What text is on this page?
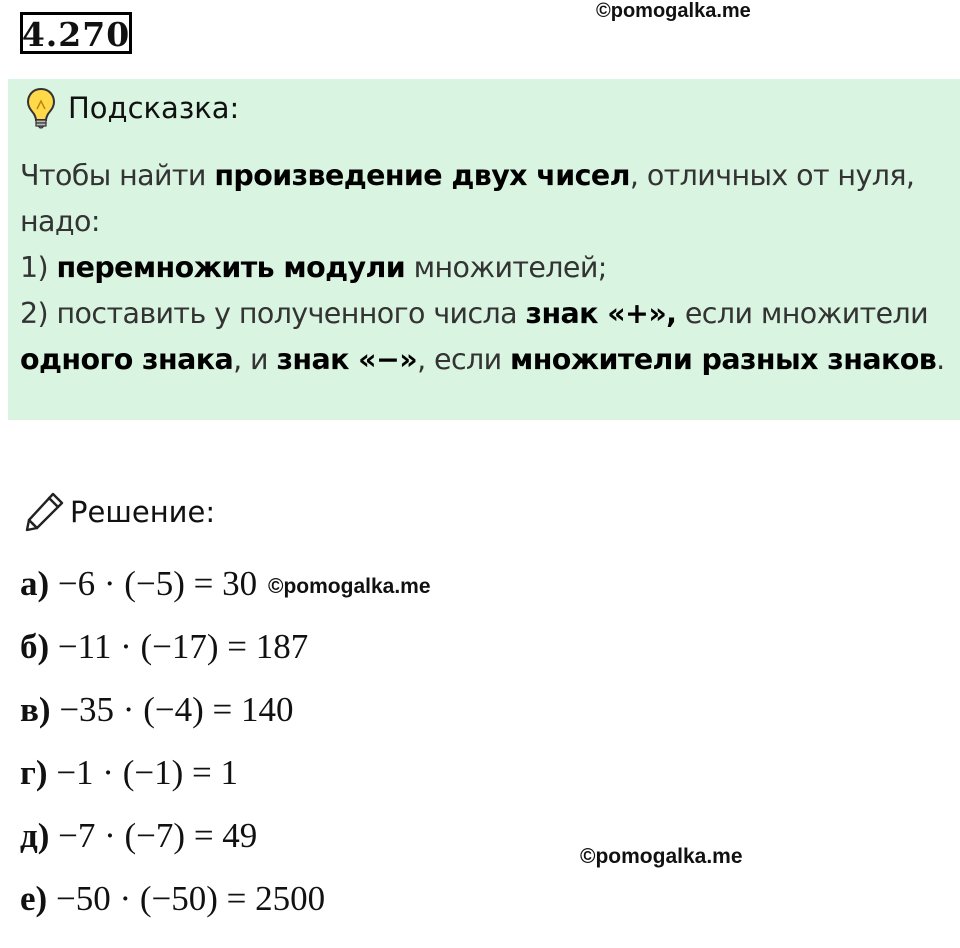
4.270
©pomogalka.me
Подсказка:
Чтобы найти произведение двух чисел, отличных от нуля,
надо:
1) перемножить модули множителей;
2) поставить у полученного числа знак «+», если множители
одного знака, и знак «−», если множители разных знаков.
Решение:
а) −6 · (−5) = 30
б) −11 · (−17) = 187
в) −35 · (−4) = 140
г) −1 · (−1) = 1
д) −7 · (−7) = 49
е) −50 · (−50) = 2500
©pomogalka.me
©pomogalka.me
